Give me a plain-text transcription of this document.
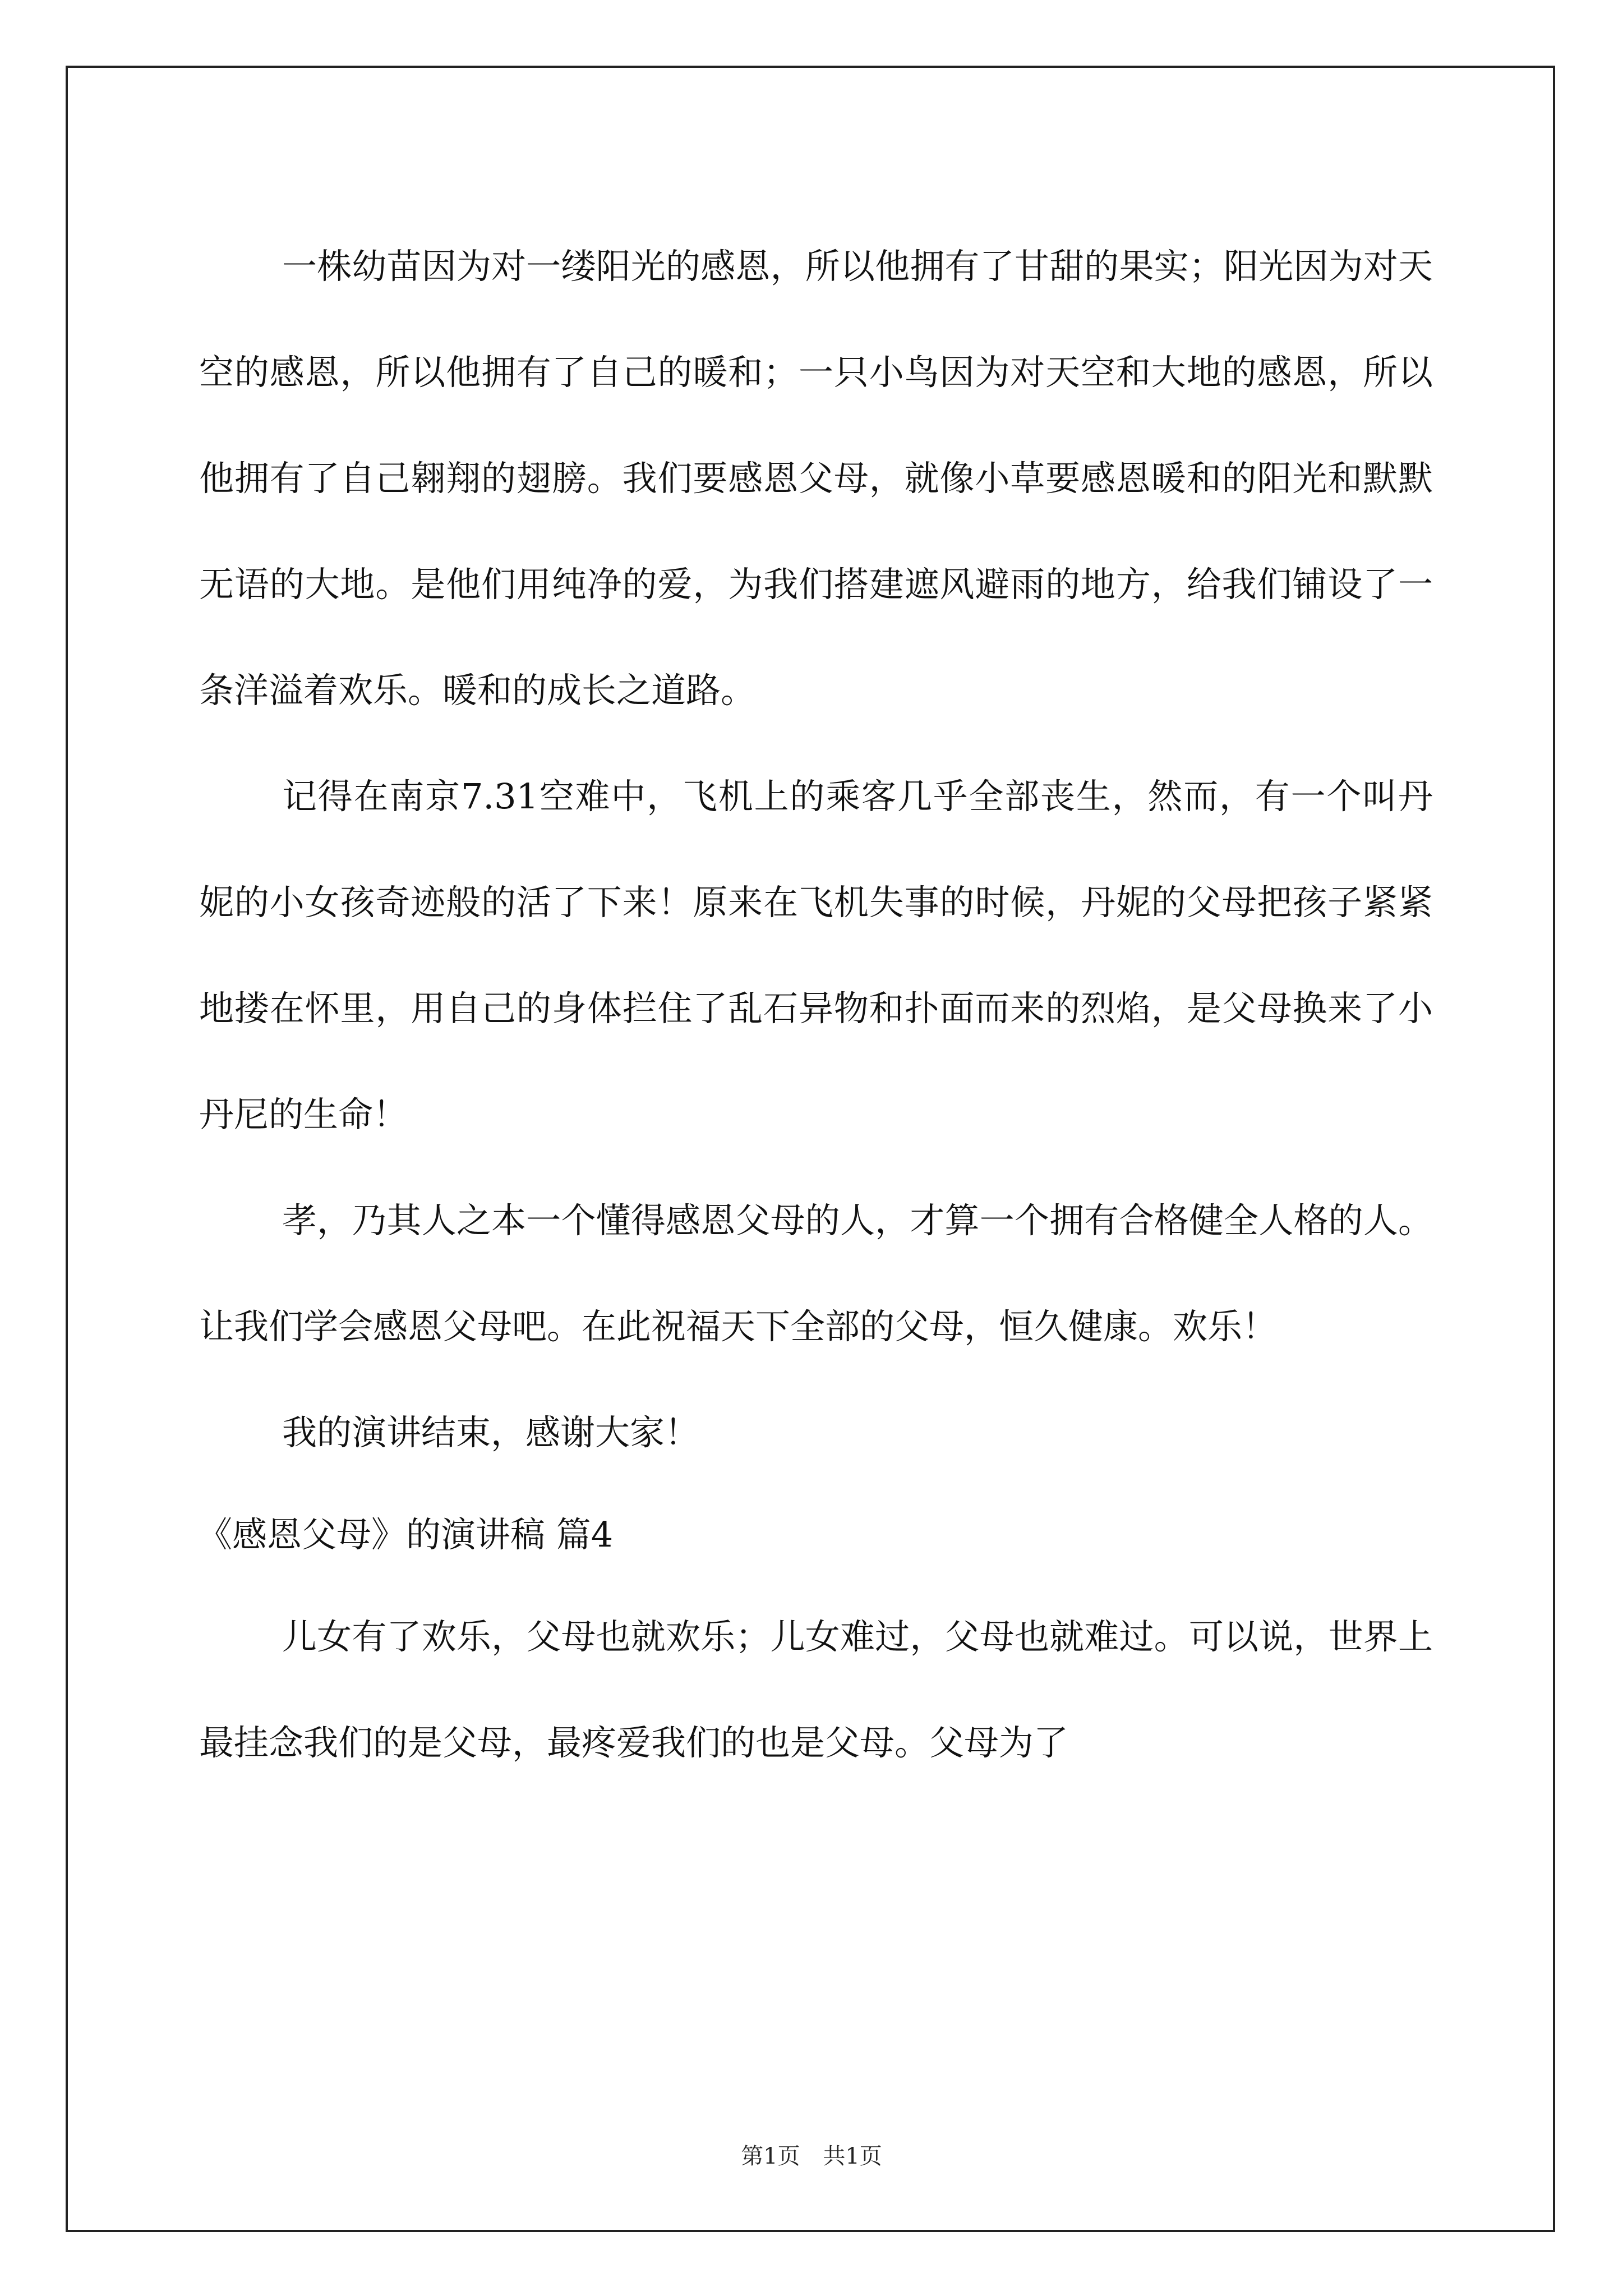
一株幼苗因为对一缕阳光的感恩，所以他拥有了甘甜的果实；阳光因为对天空的感恩，所以他拥有了自己的暖和；一只小鸟因为对天空和大地的感恩，所以他拥有了自己翱翔的翅膀。我们要感恩父母，就像小草要感恩暖和的阳光和默默无语的大地。是他们用纯净的爱，为我们搭建遮风避雨的地方，给我们铺设了一条洋溢着欢乐。暖和的成长之道路。

记得在南京7.31空难中，飞机上的乘客几乎全部丧生，然而，有一个叫丹妮的小女孩奇迹般的活了下来！原来在飞机失事的时候，丹妮的父母把孩子紧紧地搂在怀里，用自己的身体拦住了乱石异物和扑面而来的烈焰，是父母换来了小丹尼的生命！

孝，乃其人之本一个懂得感恩父母的人，才算一个拥有合格健全人格的人。让我们学会感恩父母吧。在此祝福天下全部的父母，恒久健康。欢乐！

我的演讲结束，感谢大家！

《感恩父母》的演讲稿 篇4

儿女有了欢乐，父母也就欢乐；儿女难过，父母也就难过。可以说，世界上最挂念我们的是父母，最疼爱我们的也是父母。父母为了

第1页 共1页
